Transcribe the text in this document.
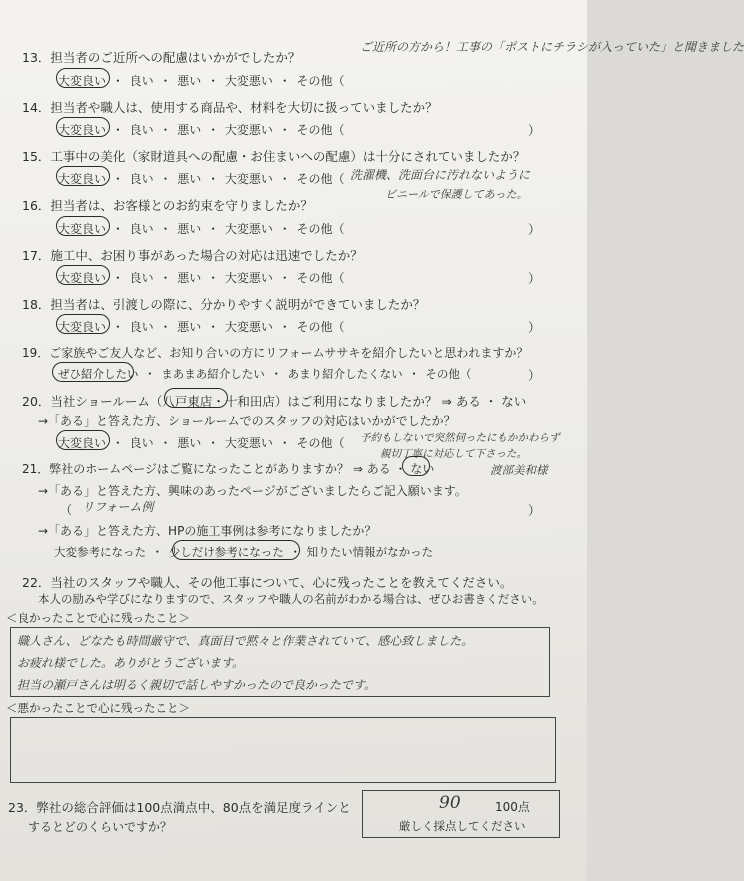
13．担当者のご近所への配慮はいかがでしたか？
ご近所の方から！工事の「ポストにチラシが入っていた」と聞きました
大変良い ・ 良い ・ 悪い ・ 大変悪い ・ その他（
14．担当者や職人は、使用する商品や、材料を大切に扱っていましたか？
大変良い ・ 良い ・ 悪い ・ 大変悪い ・ その他（	）
15．工事中の美化（家財道具への配慮・お住まいへの配慮）は十分にされていましたか？
大変良い ・ 良い ・ 悪い ・ 大変悪い ・ その他（ 洗濯機、洗面台に汚れないように
ビニールで保護してあった。
16．担当者は、お客様とのお約束を守りましたか？
大変良い ・ 良い ・ 悪い ・ 大変悪い ・ その他（	）
17．施工中、お困り事があった場合の対応は迅速でしたか？
大変良い ・ 良い ・ 悪い ・ 大変悪い ・ その他（	）
18．担当者は、引渡しの際に、分かりやすく説明ができていましたか？
大変良い ・ 良い ・ 悪い ・ 大変悪い ・ その他（	）
19．ご家族やご友人など、お知り合いの方にリフォームササキを紹介したいと思われますか？
ぜひ紹介したい ・ まあまあ紹介したい ・ あまり紹介したくない ・ その他（	）
20．当社ショールーム（八戸東店・十和田店）はご利用になりましたか？ ⇒ ある ・ ない
→「ある」と答えた方、ショールームでのスタッフの対応はいかがでしたか？
大変良い ・ 良い ・ 悪い ・ 大変悪い ・ その他（ 予約もしないで突然伺ったにもかかわらず
親切丁寧に対応して下さった。
21．弊社のホームページはご覧になったことがありますか？ ⇒ ある ・ ない	渡部美和様
→「ある」と答えた方、興味のあったページがございましたらご記入願います。
（ リフォーム例	）
→「ある」と答えた方、HPの施工事例は参考になりましたか？
大変参考になった ・ 少しだけ参考になった ・ 知りたい情報がなかった
22．当社のスタッフや職人、その他工事について、心に残ったことを教えてください。
本人の励みや学びになりますので、スタッフや職人の名前がわかる場合は、ぜひお書きください。
＜良かったことで心に残ったこと＞
職人さん、どなたも時間厳守で、真面目で黙々と作業されていて、感心致しました。
お疲れ様でした。ありがとうございます。
担当の瀬戸さんは明るく親切で話しやすかったので良かったです。
＜悪かったことで心に残ったこと＞
23．弊社の総合評価は100点満点中、80点を満足度ラインと
するとどのくらいですか？
90	100点
厳しく採点してください
